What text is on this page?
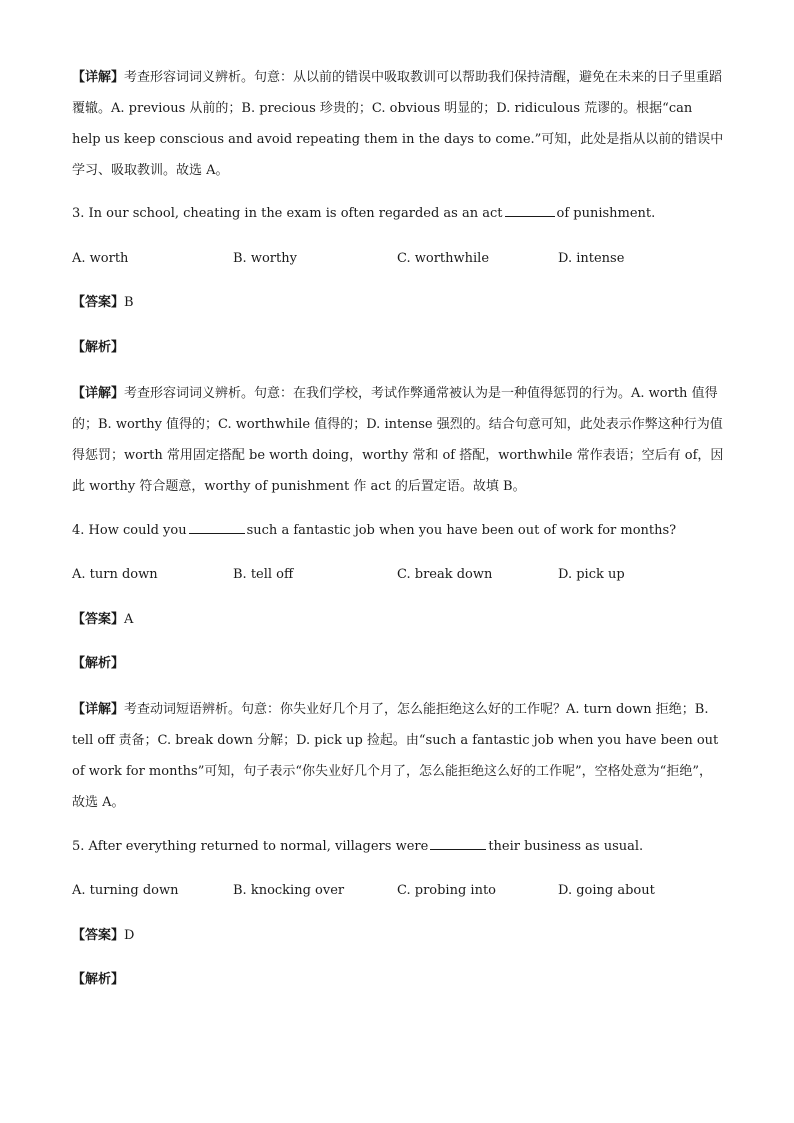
【详解】考查形容词词义辨析。句意：从以前的错误中吸取教训可以帮助我们保持清醒，避免在未来的日子里重蹈覆辙。A. previous 从前的；B. precious 珍贵的；C. obvious 明显的；D. ridiculous 荒谬的。根据“can help us keep conscious and avoid repeating them in the days to come.”可知，此处是指从以前的错误中学习、吸取教训。故选 A。
3. In our school, cheating in the exam is often regarded as an act	of punishment.
A. worth	B. worthy	C. worthwhile	D. intense
【答案】B
【解析】
【详解】考查形容词词义辨析。句意：在我们学校，考试作弊通常被认为是一种值得惩罚的行为。A. worth 值得的；B. worthy 值得的；C. worthwhile 值得的；D. intense 强烈的。结合句意可知，此处表示作弊这种行为值得惩罚；worth 常用固定搭配 be worth doing，worthy 常和 of 搭配，worthwhile 常作表语；空后有 of，因此 worthy 符合题意，worthy of punishment 作 act 的后置定语。故填 B。
4. How could you	such a fantastic job when you have been out of work for months?
A. turn down	B. tell off	C. break down	D. pick up
【答案】A
【解析】
【详解】考查动词短语辨析。句意：你失业好几个月了，怎么能拒绝这么好的工作呢？A. turn down 拒绝；B. tell off 责备；C. break down 分解；D. pick up 捡起。由“such a fantastic job when you have been out of work for months”可知，句子表示“你失业好几个月了，怎么能拒绝这么好的工作呢”，空格处意为“拒绝”，故选 A。
5. After everything returned to normal, villagers were	their business as usual.
A. turning down	B. knocking over	C. probing into	D. going about
【答案】D
【解析】
